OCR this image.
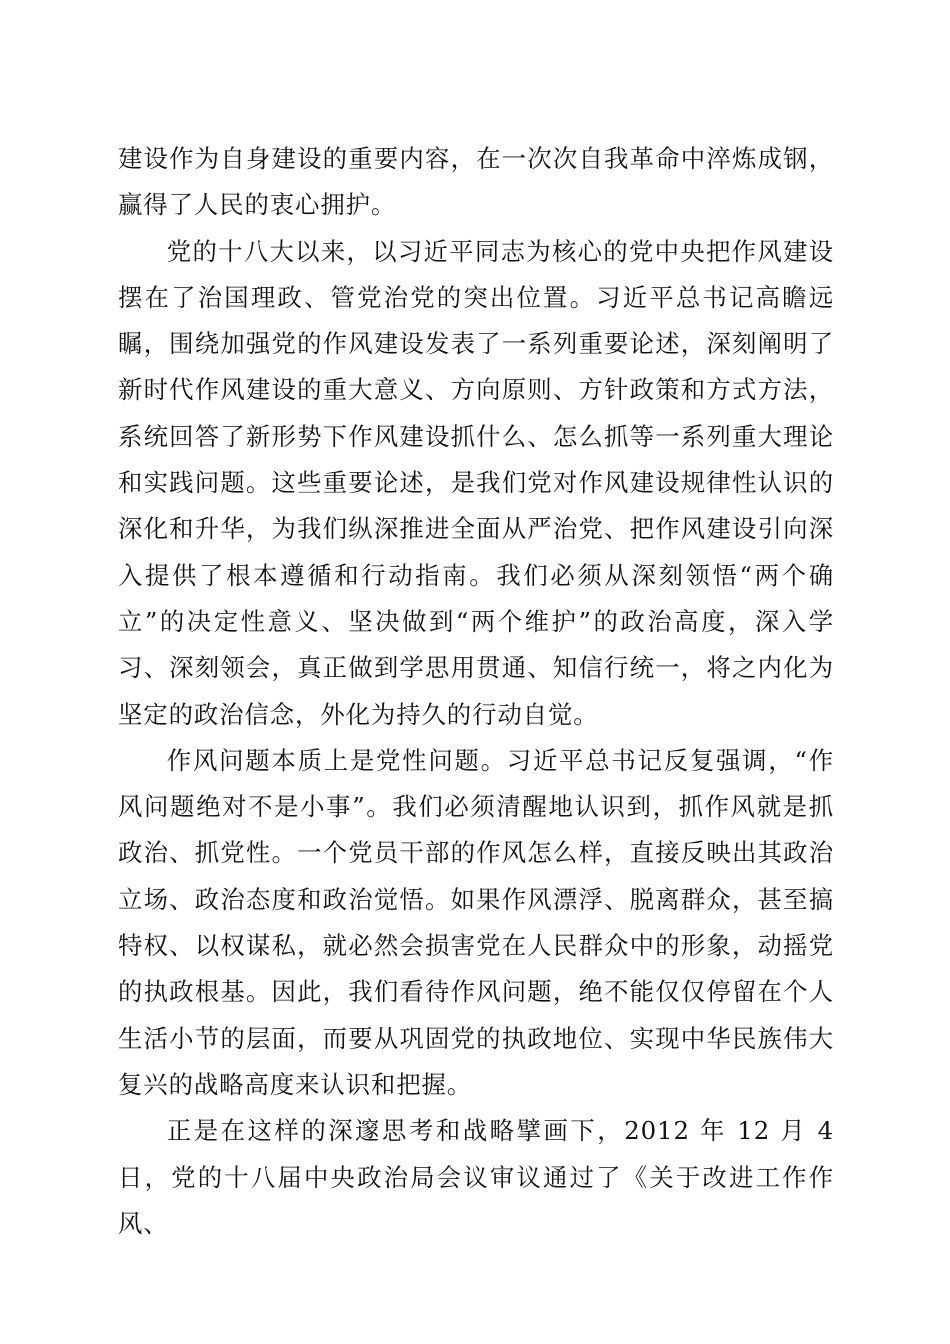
建设作为自身建设的重要内容，在一次次自我革命中淬炼成钢，赢得了人民的衷心拥护。

党的十八大以来，以习近平同志为核心的党中央把作风建设摆在了治国理政、管党治党的突出位置。习近平总书记高瞻远瞩，围绕加强党的作风建设发表了一系列重要论述，深刻阐明了新时代作风建设的重大意义、方向原则、方针政策和方式方法，系统回答了新形势下作风建设抓什么、怎么抓等一系列重大理论和实践问题。这些重要论述，是我们党对作风建设规律性认识的深化和升华，为我们纵深推进全面从严治党、把作风建设引向深入提供了根本遵循和行动指南。我们必须从深刻领悟“两个确立”的决定性意义、坚决做到“两个维护”的政治高度，深入学习、深刻领会，真正做到学思用贯通、知信行统一，将之内化为坚定的政治信念，外化为持久的行动自觉。

作风问题本质上是党性问题。习近平总书记反复强调，“作风问题绝对不是小事”。我们必须清醒地认识到，抓作风就是抓政治、抓党性。一个党员干部的作风怎么样，直接反映出其政治立场、政治态度和政治觉悟。如果作风漂浮、脱离群众，甚至搞特权、以权谋私，就必然会损害党在人民群众中的形象，动摇党的执政根基。因此，我们看待作风问题，绝不能仅仅停留在个人生活小节的层面，而要从巩固党的执政地位、实现中华民族伟大复兴的战略高度来认识和把握。

正是在这样的深邃思考和战略擘画下，2012 年 12 月 4 日，党的十八届中央政治局会议审议通过了《关于改进工作作风、
